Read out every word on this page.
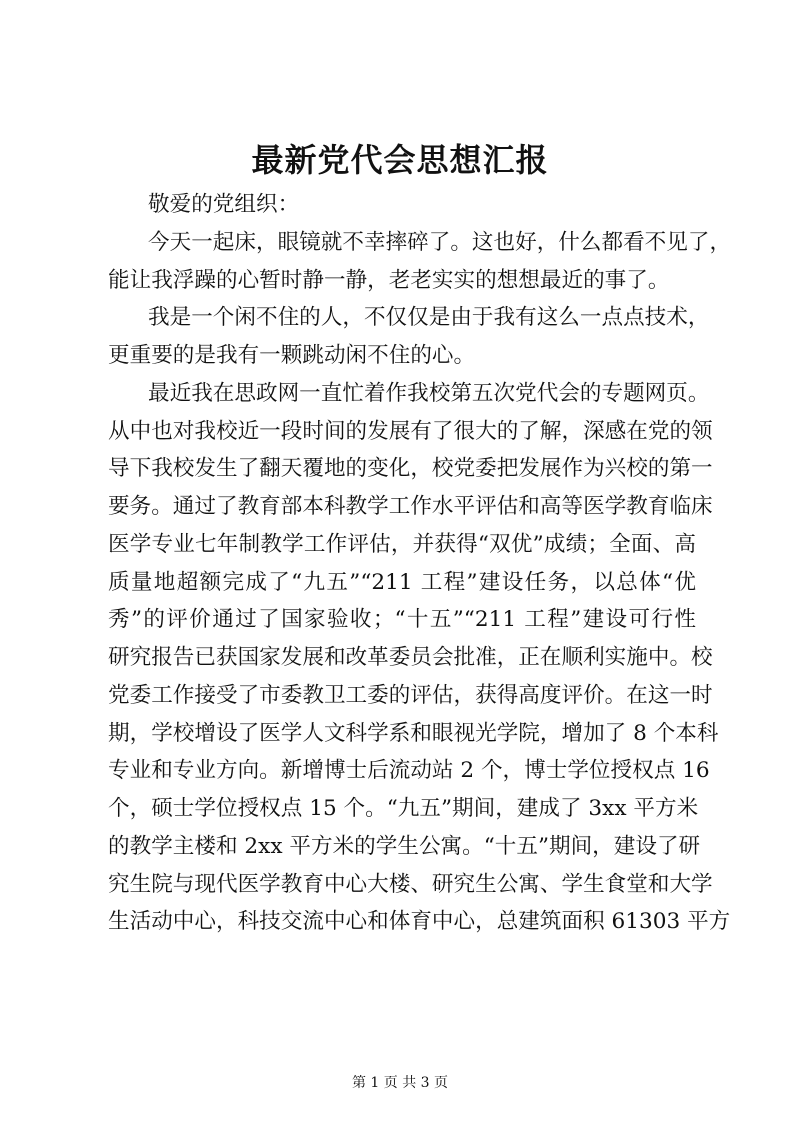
最新党代会思想汇报
敬爱的党组织：
今天一起床，眼镜就不幸摔碎了。这也好，什么都看不见了，
能让我浮躁的心暂时静一静，老老实实的想想最近的事了。
我是一个闲不住的人，不仅仅是由于我有这么一点点技术，
更重要的是我有一颗跳动闲不住的心。
最近我在思政网一直忙着作我校第五次党代会的专题网页。
从中也对我校近一段时间的发展有了很大的了解，深感在党的领
导下我校发生了翻天覆地的变化，校党委把发展作为兴校的第一
要务。通过了教育部本科教学工作水平评估和高等医学教育临床
医学专业七年制教学工作评估，并获得“双优”成绩；全面、高
质量地超额完成了“九五”“211 工程”建设任务，以总体“优
秀”的评价通过了国家验收；“十五”“211 工程”建设可行性
研究报告已获国家发展和改革委员会批准，正在顺利实施中。校
党委工作接受了市委教卫工委的评估，获得高度评价。在这一时
期，学校增设了医学人文科学系和眼视光学院，增加了 8 个本科
专业和专业方向。新增博士后流动站 2 个，博士学位授权点 16
个，硕士学位授权点 15 个。“九五”期间，建成了 3xx 平方米
的教学主楼和 2xx 平方米的学生公寓。“十五”期间，建设了研
究生院与现代医学教育中心大楼、研究生公寓、学生食堂和大学
生活动中心，科技交流中心和体育中心，总建筑面积 61303 平方
第 1 页 共 3 页
